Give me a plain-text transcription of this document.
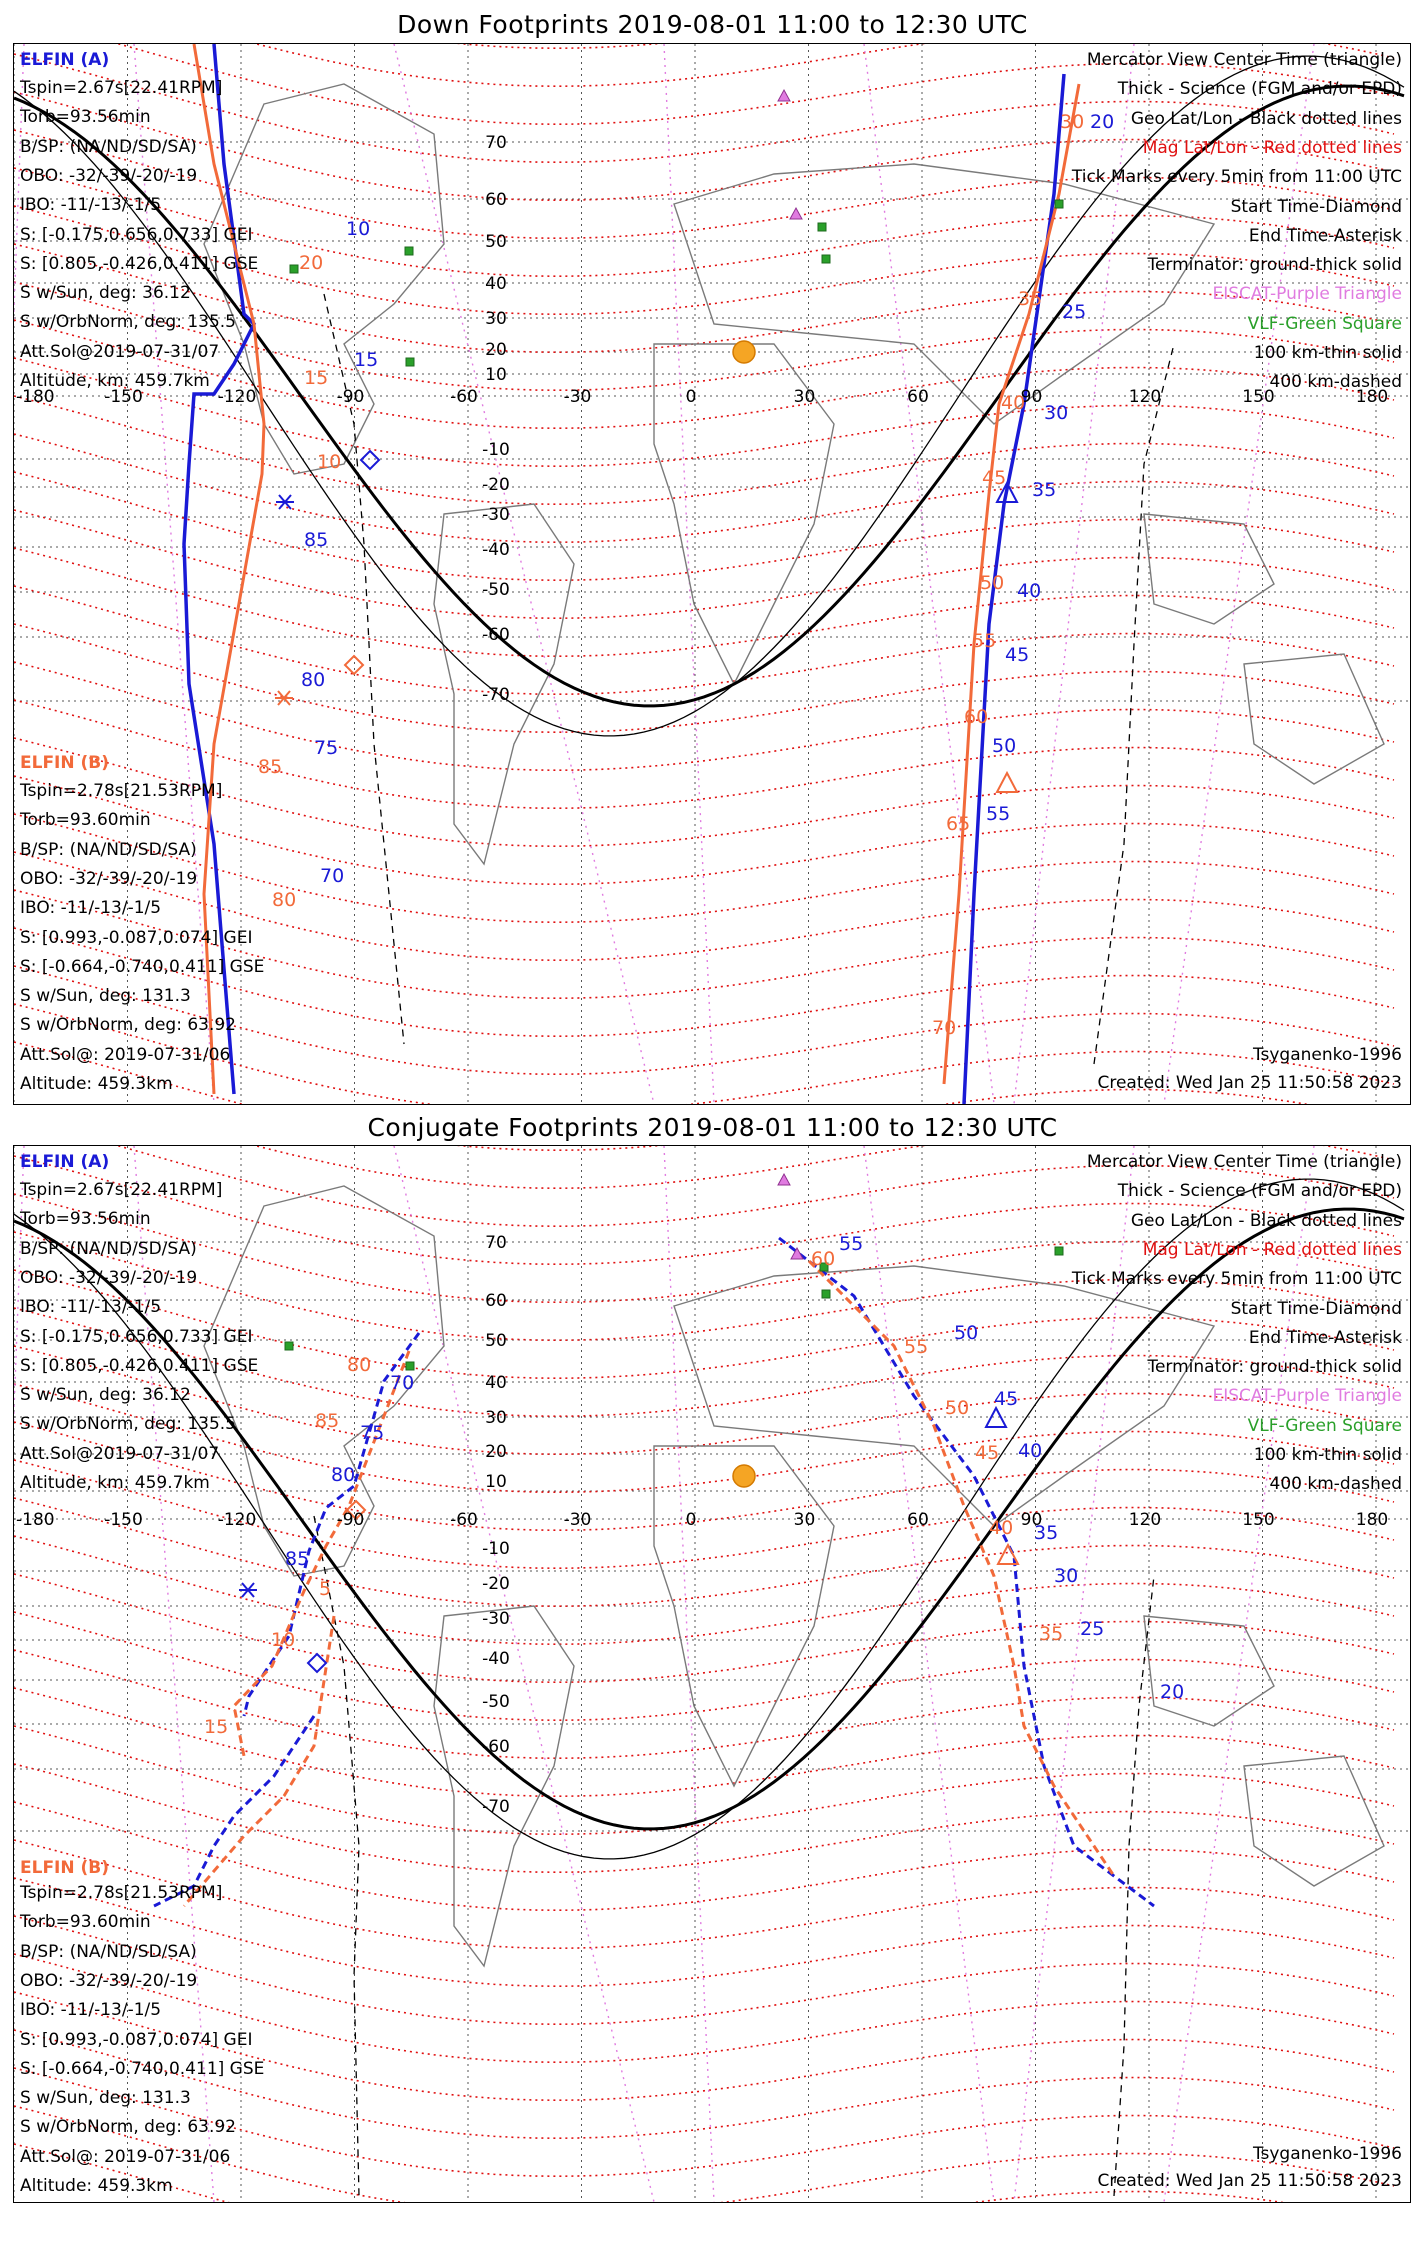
Down Footprints 2019-08-01 11:00 to 12:30 UTC
-180	-150	-120	-90	-60	-30	0	30	60	90	120	150	180
70
60
50
40
30
20
10
-10
-20
-30
-40
-50
-60
-70
10
15
85
80
75
70
20
25
30
35
40
45
50
55
20
15
10
85
80
30
35
40
45
50
55
60
65
70
ELFIN (A)
Tspin=2.67s[22.41RPM]
Torb=93.56min
B/SP: (NA/ND/SD/SA)
OBO: -32/-39/-20/-19
IBO: -11/-13/-1/5
S: [-0.175,0.656,0.733] GEI
S: [0.805,-0.426,0.411] GSE
S w/Sun, deg: 36.12
S w/OrbNorm, deg: 135.5
Att.Sol@2019-07-31/07
Altitude, km: 459.7km
ELFIN (B)
Tspin=2.78s[21.53RPM]
Torb=93.60min
B/SP: (NA/ND/SD/SA)
OBO: -32/-39/-20/-19
IBO: -11/-13/-1/5
S: [0.993,-0.087,0.074] GEI
S: [-0.664,-0.740,0.411] GSE
S w/Sun, deg: 131.3
S w/OrbNorm, deg: 63.92
Att.Sol@: 2019-07-31/06
Altitude: 459.3km
Mercator View Center Time (triangle)
Thick - Science (FGM and/or EPD)
Geo Lat/Lon - Black dotted lines
Mag Lat/Lon - Red dotted lines
Tick Marks every 5min from 11:00 UTC
Start Time-Diamond
End Time-Asterisk
Terminator: ground-thick solid
EISCAT-Purple Triangle
VLF-Green Square
100 km-thin solid
400 km-dashed
Tsyganenko-1996
Created: Wed Jan 25 11:50:58 2023
Conjugate Footprints 2019-08-01 11:00 to 12:30 UTC
-180	-150	-120	-90	-60	-30	0	30	60	90	120	150	180
70
60
50
40
30
20
10
-10
-20
-30
-40
-50
-60
-70
70
75
80
85
55
50
45
40
35
30
25
20
80
85
5
10
15
60
55
50
45
40
35
ELFIN (A)
Tspin=2.67s[22.41RPM]
Torb=93.56min
B/SP: (NA/ND/SD/SA)
OBO: -32/-39/-20/-19
IBO: -11/-13/-1/5
S: [-0.175,0.656,0.733] GEI
S: [0.805,-0.426,0.411] GSE
S w/Sun, deg: 36.12
S w/OrbNorm, deg: 135.5
Att.Sol@2019-07-31/07
Altitude, km: 459.7km
ELFIN (B)
Tspin=2.78s[21.53RPM]
Torb=93.60min
B/SP: (NA/ND/SD/SA)
OBO: -32/-39/-20/-19
IBO: -11/-13/-1/5
S: [0.993,-0.087,0.074] GEI
S: [-0.664,-0.740,0.411] GSE
S w/Sun, deg: 131.3
S w/OrbNorm, deg: 63.92
Att.Sol@: 2019-07-31/06
Altitude: 459.3km
Mercator View Center Time (triangle)
Thick - Science (FGM and/or EPD)
Geo Lat/Lon - Black dotted lines
Mag Lat/Lon - Red dotted lines
Tick Marks every 5min from 11:00 UTC
Start Time-Diamond
End Time-Asterisk
Terminator: ground-thick solid
EISCAT-Purple Triangle
VLF-Green Square
100 km-thin solid
400 km-dashed
Tsyganenko-1996
Created: Wed Jan 25 11:50:58 2023
